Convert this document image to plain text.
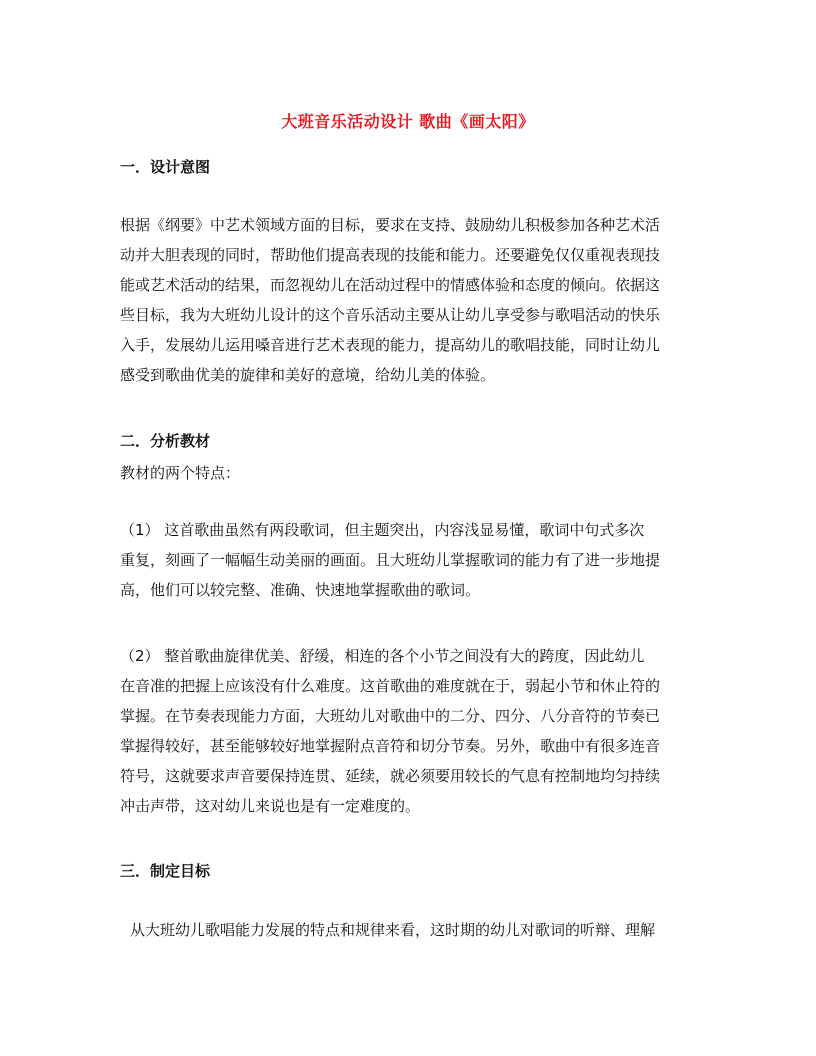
大班音乐活动设计 歌曲《画太阳》
一．设计意图
根据《纲要》中艺术领域方面的目标，要求在支持、鼓励幼儿积极参加各种艺术活
动并大胆表现的同时，帮助他们提高表现的技能和能力。还要避免仅仅重视表现技
能或艺术活动的结果，而忽视幼儿在活动过程中的情感体验和态度的倾向。依据这
些目标，我为大班幼儿设计的这个音乐活动主要从让幼儿享受参与歌唱活动的快乐
入手，发展幼儿运用嗓音进行艺术表现的能力，提高幼儿的歌唱技能，同时让幼儿
感受到歌曲优美的旋律和美好的意境，给幼儿美的体验。
二．分析教材
教材的两个特点：
（1） 这首歌曲虽然有两段歌词，但主题突出，内容浅显易懂，歌词中句式多次
重复，刻画了一幅幅生动美丽的画面。且大班幼儿掌握歌词的能力有了进一步地提
高，他们可以较完整、准确、快速地掌握歌曲的歌词。
（2） 整首歌曲旋律优美、舒缓，相连的各个小节之间没有大的跨度，因此幼儿
在音准的把握上应该没有什么难度。这首歌曲的难度就在于，弱起小节和休止符的
掌握。在节奏表现能力方面，大班幼儿对歌曲中的二分、四分、八分音符的节奏已
掌握得较好，甚至能够较好地掌握附点音符和切分节奏。另外，歌曲中有很多连音
符号，这就要求声音要保持连贯、延续，就必须要用较长的气息有控制地均匀持续
冲击声带，这对幼儿来说也是有一定难度的。
三．制定目标
从大班幼儿歌唱能力发展的特点和规律来看，这时期的幼儿对歌词的听辩、理解
